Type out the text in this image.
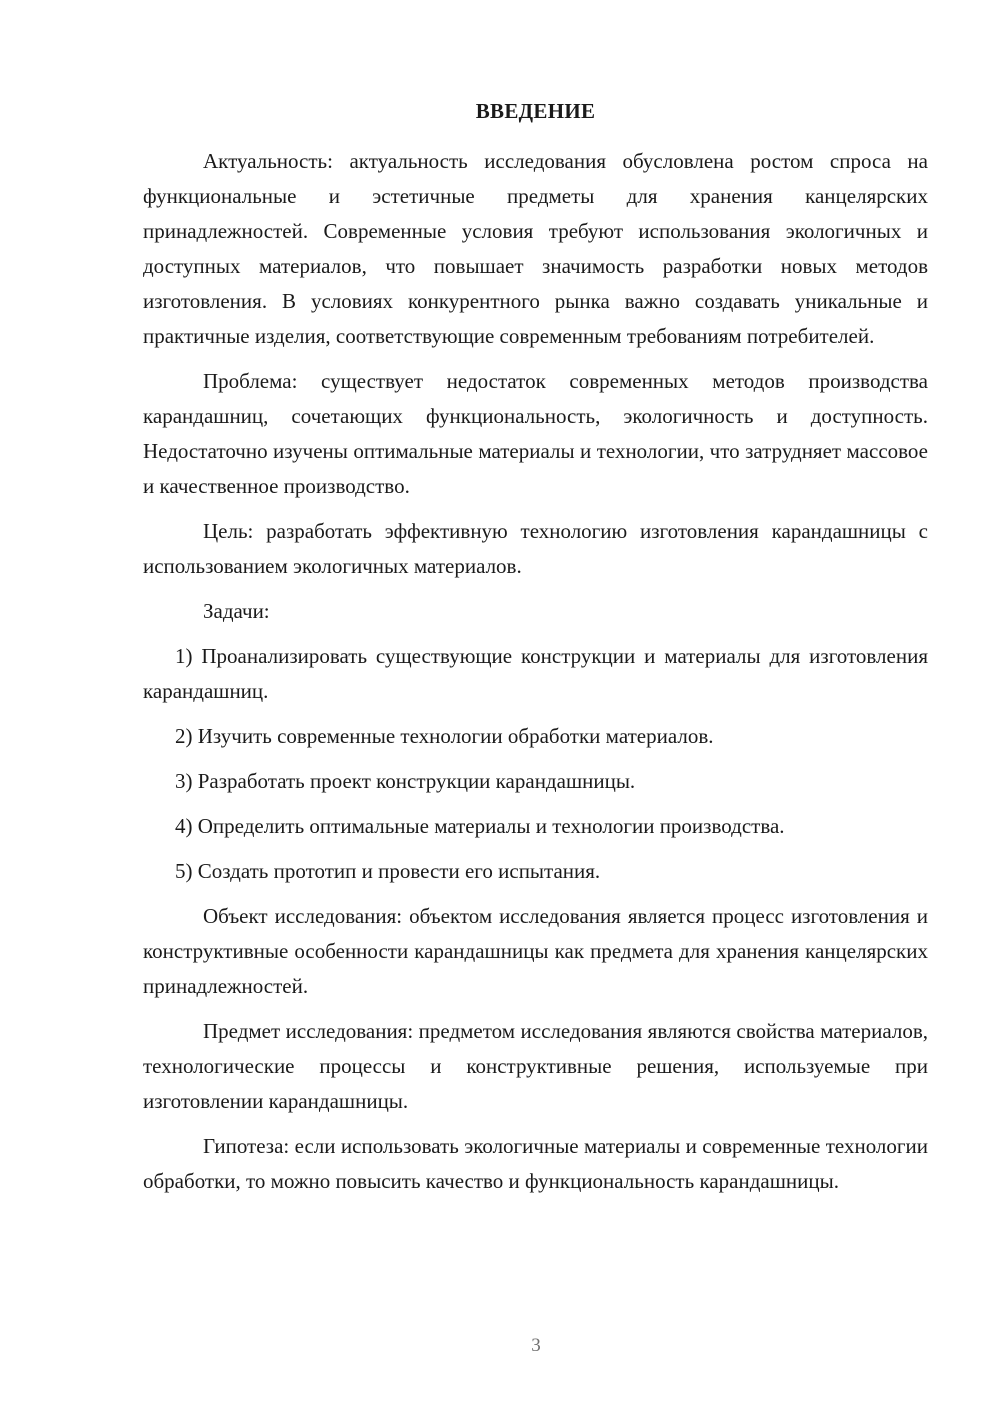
ВВЕДЕНИЕ

Актуальность: актуальность исследования обусловлена ростом спроса на функциональные и эстетичные предметы для хранения канцелярских принадлежностей. Современные условия требуют использования экологичных и доступных материалов, что повышает значимость разработки новых методов изготовления. В условиях конкурентного рынка важно создавать уникальные и практичные изделия, соответствующие современным требованиям потребителей.

Проблема: существует недостаток современных методов производства карандашниц, сочетающих функциональность, экологичность и доступность. Недостаточно изучены оптимальные материалы и технологии, что затрудняет массовое и качественное производство.

Цель: разработать эффективную технологию изготовления карандашницы с использованием экологичных материалов.

Задачи:

1) Проанализировать существующие конструкции и материалы для изготовления карандашниц.

2) Изучить современные технологии обработки материалов.

3) Разработать проект конструкции карандашницы.

4) Определить оптимальные материалы и технологии производства.

5) Создать прототип и провести его испытания.

Объект исследования: объектом исследования является процесс изготовления и конструктивные особенности карандашницы как предмета для хранения канцелярских принадлежностей.

Предмет исследования: предметом исследования являются свойства материалов, технологические процессы и конструктивные решения, используемые при изготовлении карандашницы.

Гипотеза: если использовать экологичные материалы и современные технологии обработки, то можно повысить качество и функциональность карандашницы.

3
